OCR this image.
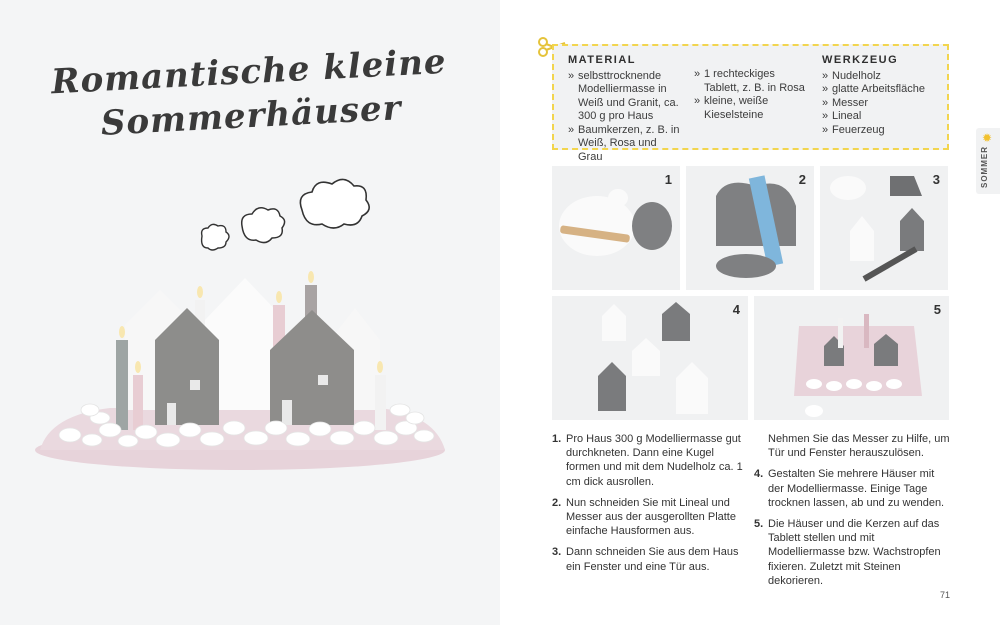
Romantische kleine
Sommerhäuser
MATERIAL
» selbsttrocknende Modelliermasse in Weiß und Granit, ca. 300 g pro Haus
» Baumkerzen, z. B. in Weiß, Rosa und Grau
» 1 rechteckiges Tablett, z. B. in Rosa
» kleine, weiße Kieselsteine
WERKZEUG
» Nudelholz
» glatte Arbeitsfläche
» Messer
» Lineal
» Feuerzeug
✹
SOMMER
1	2	3
4	5
1. Pro Haus 300 g Modelliermasse gut durchkneten. Dann eine Kugel formen und mit dem Nudelholz ca. 1 cm dick ausrollen.
2. Nun schneiden Sie mit Lineal und Messer aus der ausgerollten Platte einfache Hausformen aus.
3. Dann schneiden Sie aus dem Haus ein Fenster und eine Tür aus.
Nehmen Sie das Messer zu Hilfe, um Tür und Fenster herauszulösen.
4. Gestalten Sie mehrere Häuser mit der Modelliermasse. Einige Tage trocknen lassen, ab und zu wenden.
5. Die Häuser und die Kerzen auf das Tablett stellen und mit Modelliermasse bzw. Wachstropfen fixieren. Zuletzt mit Steinen dekorieren.
71
